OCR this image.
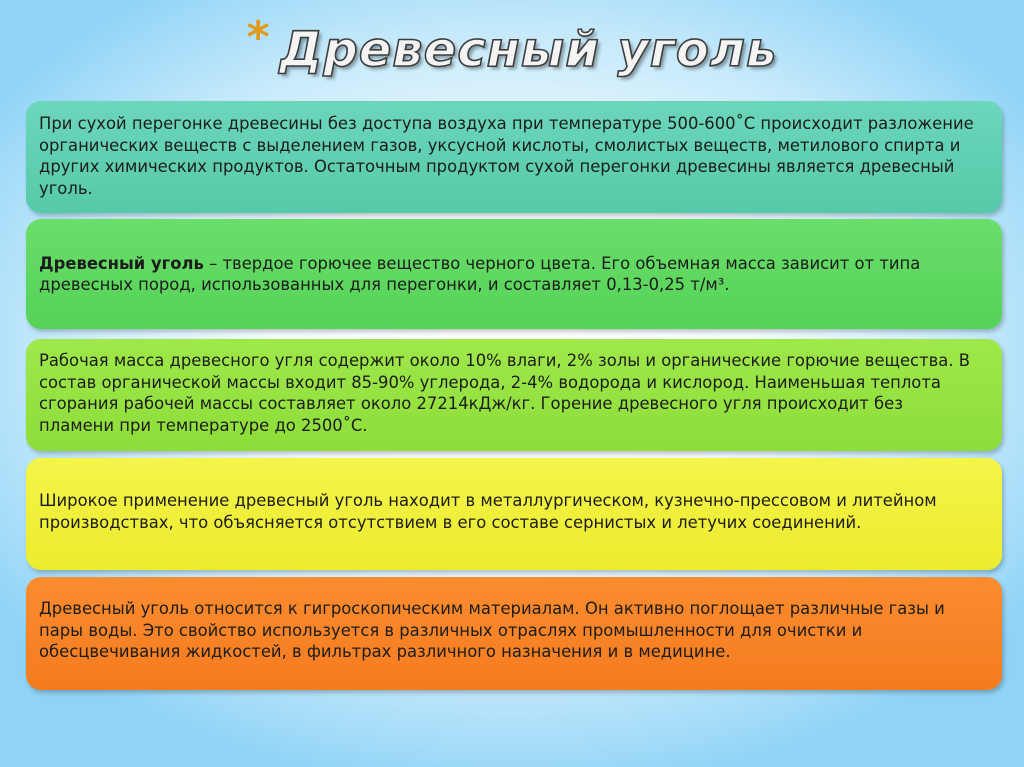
* Древесный уголь

При сухой перегонке древесины без доступа воздуха при температуре 500-600˚С происходит разложение органических веществ с выделением газов, уксусной кислоты, смолистых веществ, метилового спирта и других химических продуктов. Остаточным продуктом сухой перегонки древесины является древесный уголь.

Древесный уголь – твердое горючее вещество черного цвета. Его объемная масса зависит от типа древесных пород, использованных для перегонки, и составляет 0,13-0,25 т/м³.

Рабочая масса древесного угля содержит около 10% влаги, 2% золы и органические горючие вещества. В состав органической массы входит 85-90% углерода, 2-4% водорода и кислород. Наименьшая теплота сгорания рабочей массы составляет около 27214кДж/кг. Горение древесного угля происходит без пламени при температуре до 2500˚С.

Широкое применение древесный уголь находит в металлургическом, кузнечно-прессовом и литейном производствах, что объясняется отсутствием в его составе сернистых и летучих соединений.

Древесный уголь относится к гигроскопическим материалам. Он активно поглощает различные газы и пары воды. Это свойство используется в различных отраслях промышленности для очистки и обесцвечивания жидкостей, в фильтрах различного назначения и в медицине.
